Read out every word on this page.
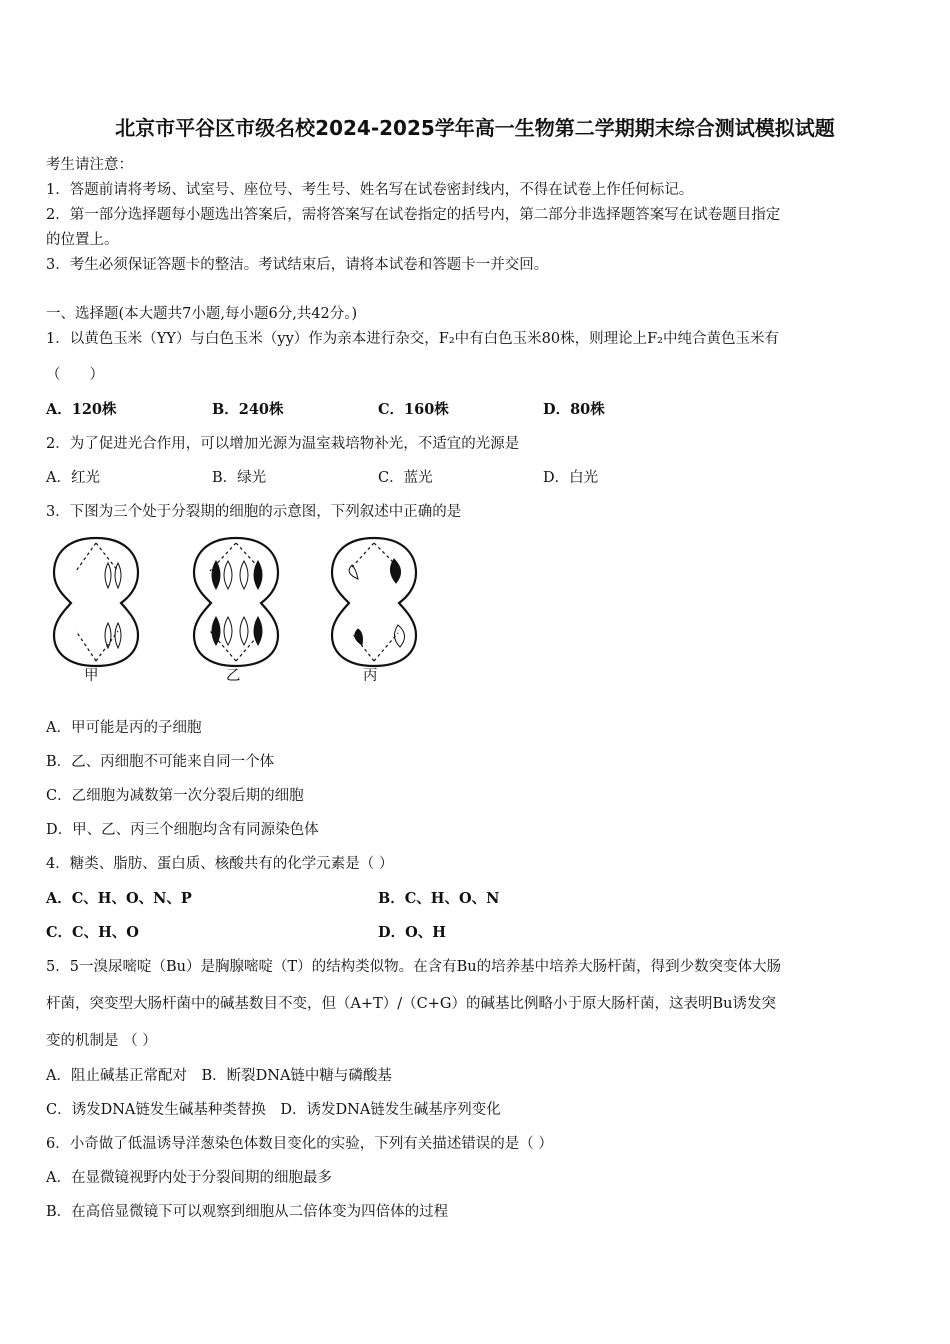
北京市平谷区市级名校2024-2025学年高一生物第二学期期末综合测试模拟试题
考生请注意：
1．答题前请将考场、试室号、座位号、考生号、姓名写在试卷密封线内，不得在试卷上作任何标记。
2．第一部分选择题每小题选出答案后，需将答案写在试卷指定的括号内，第二部分非选择题答案写在试卷题目指定
的位置上。
3．考生必须保证答题卡的整洁。考试结束后，请将本试卷和答题卡一并交回。
一、选择题(本大题共7小题,每小题6分,共42分。)
1．以黄色玉米（YY）与白色玉米（yy）作为亲本进行杂交，F₂中有白色玉米80株，则理论上F₂中纯合黄色玉米有
（　　）
A．120株	B．240株	C．160株	D．80株
2．为了促进光合作用，可以增加光源为温室栽培物补光，不适宜的光源是
A．红光	B．绿光	C．蓝光	D．白光
3．下图为三个处于分裂期的细胞的示意图，下列叙述中正确的是
甲	乙	丙
A．甲可能是丙的子细胞
B．乙、丙细胞不可能来自同一个体
C．乙细胞为减数第一次分裂后期的细胞
D．甲、乙、丙三个细胞均含有同源染色体
4．糖类、脂肪、蛋白质、核酸共有的化学元素是（ ）
A．C、H、O、N、P	B．C、H、O、N
C．C、H、O	D．O、H
5．5一溴尿嘧啶（Bu）是胸腺嘧啶（T）的结构类似物。在含有Bu的培养基中培养大肠杆菌，得到少数突变体大肠
杆菌，突变型大肠杆菌中的碱基数目不变，但（A+T）/（C+G）的碱基比例略小于原大肠杆菌，这表明Bu诱发突
变的机制是 （ ）
A．阻止碱基正常配对　B．断裂DNA链中糖与磷酸基
C．诱发DNA链发生碱基种类替换　D．诱发DNA链发生碱基序列变化
6．小奇做了低温诱导洋葱染色体数目变化的实验，下列有关描述错误的是（ ）
A．在显微镜视野内处于分裂间期的细胞最多
B．在高倍显微镜下可以观察到细胞从二倍体变为四倍体的过程
